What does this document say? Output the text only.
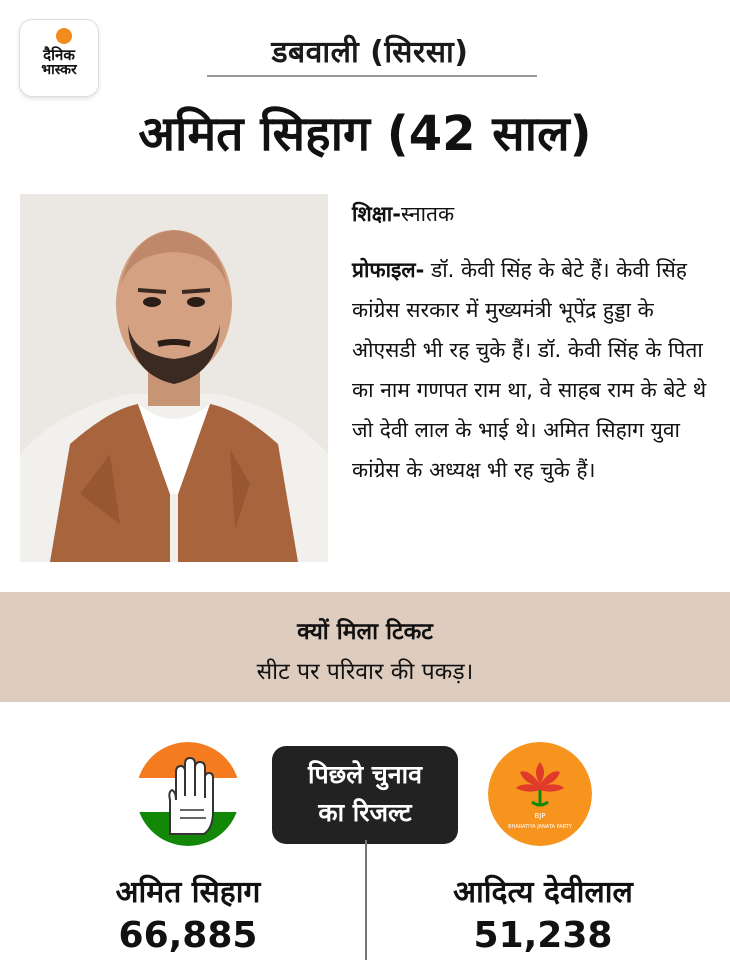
दैनिक
भास्कर	डबवाली (सिरसा)
अमित सिहाग (42 साल)
शिक्षा-स्नातक
प्रोफाइल- डॉ. केवी सिंह के बेटे हैं। केवी सिंह कांग्रेस सरकार में मुख्यमंत्री भूपेंद्र हुड्डा के ओएसडी भी रह चुके हैं। डॉ. केवी सिंह के पिता का नाम गणपत राम था, वे साहब राम के बेटे थे जो देवी लाल के भाई थे। अमित सिहाग युवा कांग्रेस के अध्यक्ष भी रह चुके हैं।
क्यों मिला टिकट
सीट पर परिवार की पकड़।
पिछले चुनाव
का रिजल्ट	BJP
BHARATIYA JANATA PARTY
अमित सिहाग
66,885
आदित्य देवीलाल
51,238
